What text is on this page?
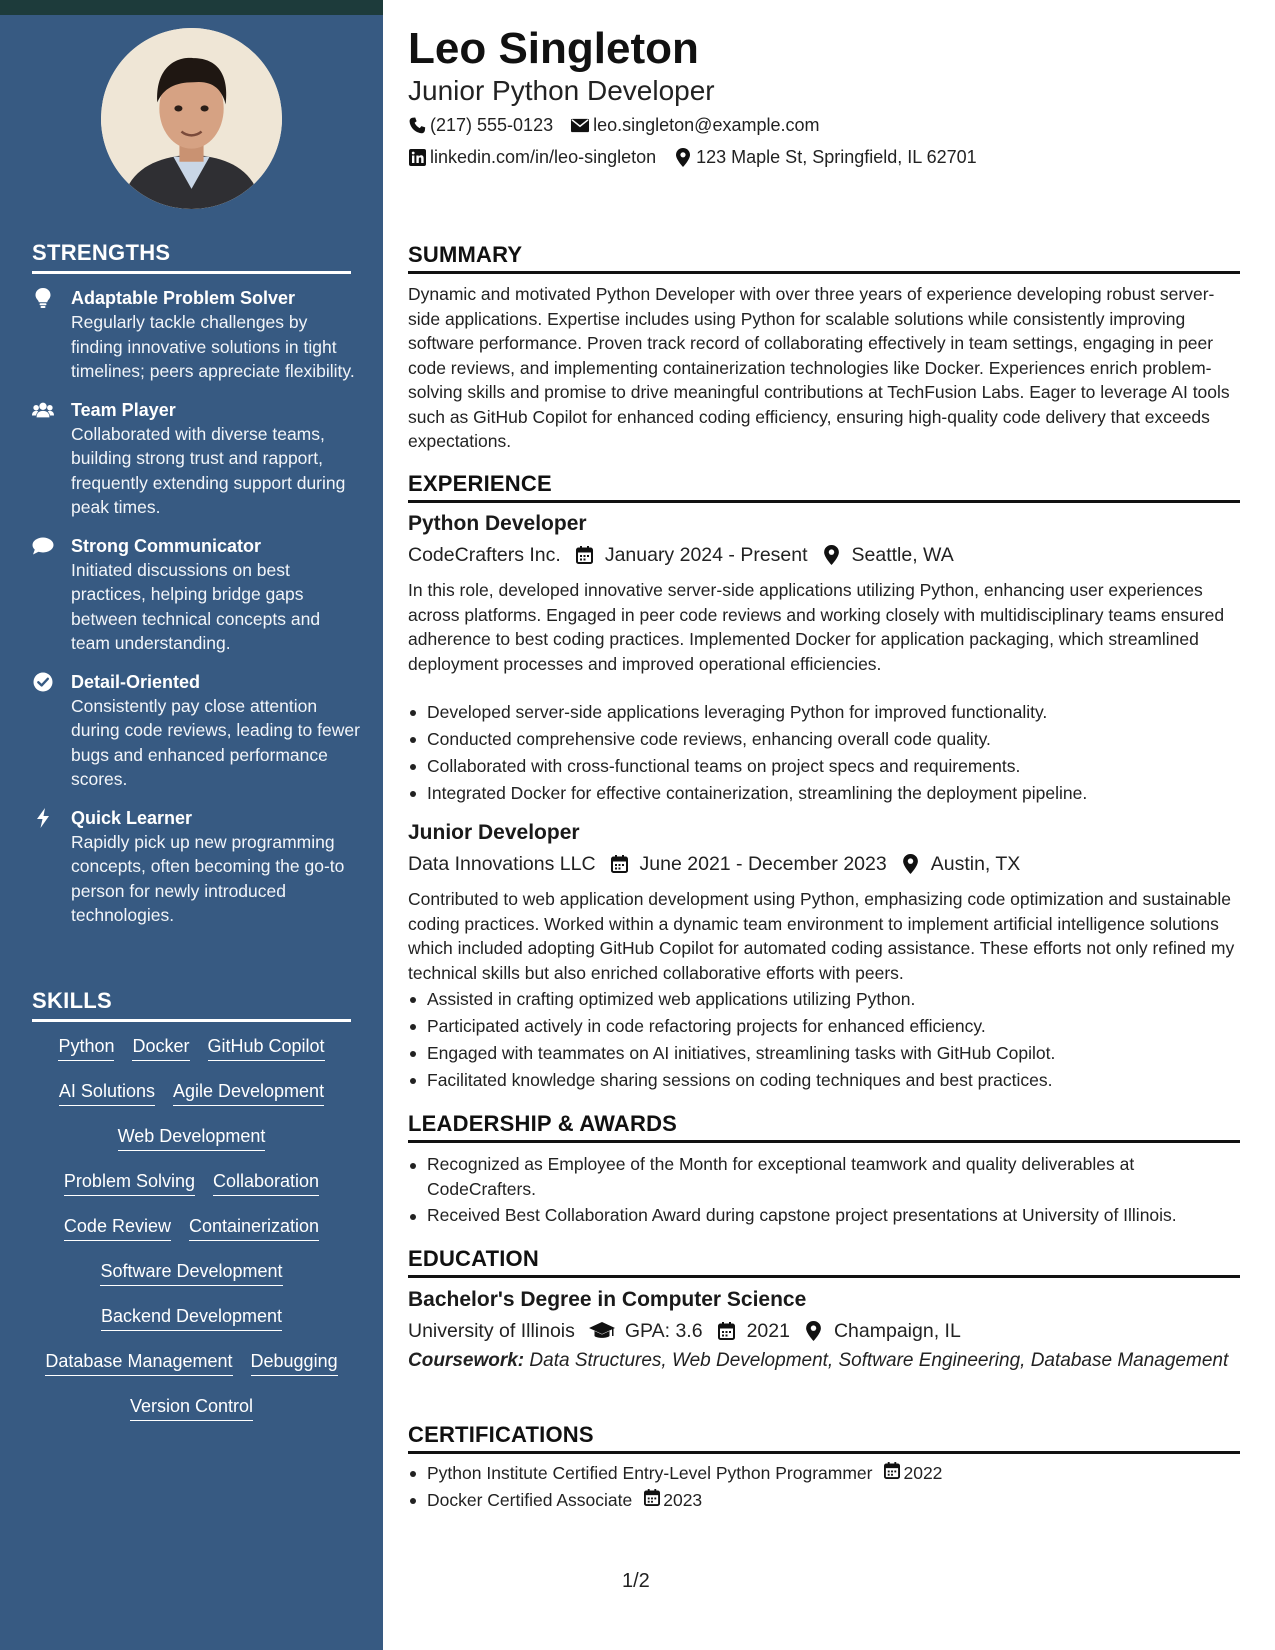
STRENGTHS
Adaptable Problem Solver
Regularly tackle challenges by finding innovative solutions in tight timelines; peers appreciate flexibility.
Team Player
Collaborated with diverse teams, building strong trust and rapport, frequently extending support during peak times.
Strong Communicator
Initiated discussions on best practices, helping bridge gaps between technical concepts and team understanding.
Detail-Oriented
Consistently pay close attention during code reviews, leading to fewer bugs and enhanced performance scores.
Quick Learner
Rapidly pick up new programming concepts, often becoming the go-to person for newly introduced technologies.
SKILLS
Python Docker GitHub Copilot
AI Solutions Agile Development
Web Development
Problem Solving Collaboration
Code Review Containerization
Software Development
Backend Development
Database Management Debugging
Version Control
Leo Singleton
Junior Python Developer
(217) 555-0123 leo.singleton@example.com
linkedin.com/in/leo-singleton 123 Maple St, Springfield, IL 62701
SUMMARY

Dynamic and motivated Python Developer with over three years of experience developing robust server-side applications. Expertise includes using Python for scalable solutions while consistently improving software performance. Proven track record of collaborating effectively in team settings, engaging in peer code reviews, and implementing containerization technologies like Docker. Experiences enrich problem-solving skills and promise to drive meaningful contributions at TechFusion Labs. Eager to leverage AI tools such as GitHub Copilot for enhanced coding efficiency, ensuring high-quality code delivery that exceeds expectations.

EXPERIENCE
Python Developer
CodeCrafters Inc. January 2024 - Present Seattle, WA

In this role, developed innovative server-side applications utilizing Python, enhancing user experiences across platforms. Engaged in peer code reviews and working closely with multidisciplinary teams ensured adherence to best coding practices. Implemented Docker for application packaging, which streamlined deployment processes and improved operational efficiencies.

Developed server-side applications leveraging Python for improved functionality.
Conducted comprehensive code reviews, enhancing overall code quality.
Collaborated with cross-functional teams on project specs and requirements.
Integrated Docker for effective containerization, streamlining the deployment pipeline.
Junior Developer
Data Innovations LLC June 2021 - December 2023 Austin, TX

Contributed to web application development using Python, emphasizing code optimization and sustainable coding practices. Worked within a dynamic team environment to implement artificial intelligence solutions which included adopting GitHub Copilot for automated coding assistance. These efforts not only refined my technical skills but also enriched collaborative efforts with peers.

Assisted in crafting optimized web applications utilizing Python.
Participated actively in code refactoring projects for enhanced efficiency.
Engaged with teammates on AI initiatives, streamlining tasks with GitHub Copilot.
Facilitated knowledge sharing sessions on coding techniques and best practices.
LEADERSHIP & AWARDS
Recognized as Employee of the Month for exceptional teamwork and quality deliverables at CodeCrafters.
Received Best Collaboration Award during capstone project presentations at University of Illinois.
EDUCATION
Bachelor's Degree in Computer Science
University of Illinois	GPA: 3.6 2021 Champaign, IL

Coursework: Data Structures, Web Development, Software Engineering, Database Management

CERTIFICATIONS
Python Institute Certified Entry-Level Python Programmer 2022
Docker Certified Associate 2023
1/2
